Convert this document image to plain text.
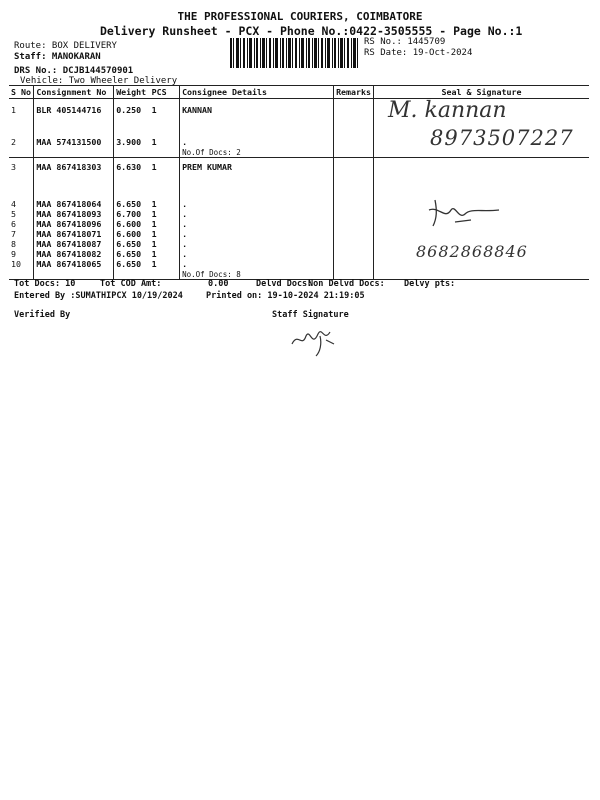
THE PROFESSIONAL COURIERS, COIMBATORE
Delivery Runsheet - PCX - Phone No.:0422-3505555 - Page No.:1
Route: BOX DELIVERY
Staff: MANOKARAN
DRS No.: DCJB144570901
Vehicle: Two Wheeler Delivery
RS No.: 1445709
RS Date: 19-Oct-2024
S No	Consignment No	Weight	PCS	Consignee Details	Remarks	Seal & Signature
1	BLR 405144716	0.250	1	KANNAN		
2	MAA 574131500	3.900	1	.
No.Of Docs: 2		
3	MAA 867418303	6.630	1	PREM KUMAR		
4	MAA 867418064	6.650	1	.		
5	MAA 867418093	6.700	1	.		
6	MAA 867418096	6.600	1	.		
7	MAA 867418071	6.600	1	.		
8	MAA 867418087	6.650	1	.		
9	MAA 867418082	6.650	1	.		
10	MAA 867418065	6.650	1	.
No.Of Docs: 8		

M. kannan
8973507227
8682868846
Tot Docs: 10	Tot COD Amt:	0.00	Delvd Docs:
Non Delvd Docs: Delvy pts:
Entered By :SUMATHIPCX 10/19/2024	Printed on: 19-10-2024 21:19:05
Verified By	Staff Signature
